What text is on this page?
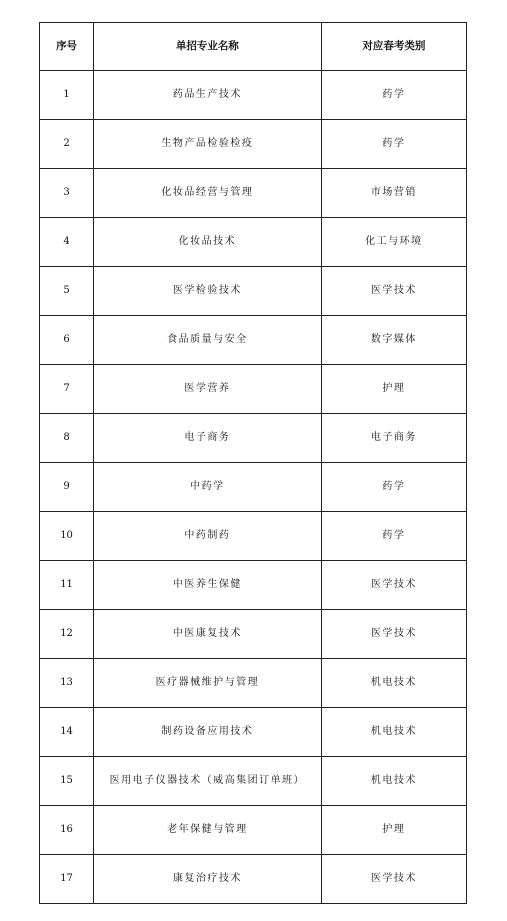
序号	单招专业名称	对应春考类别
1	药品生产技术	药学
2	生物产品检验检疫	药学
3	化妆品经营与管理	市场营销
4	化妆品技术	化工与环境
5	医学检验技术	医学技术
6	食品质量与安全	数字媒体
7	医学营养	护理
8	电子商务	电子商务
9	中药学	药学
10	中药制药	药学
11	中医养生保健	医学技术
12	中医康复技术	医学技术
13	医疗器械维护与管理	机电技术
14	制药设备应用技术	机电技术
15	医用电子仪器技术（威高集团订单班）	机电技术
16	老年保健与管理	护理
17	康复治疗技术	医学技术
